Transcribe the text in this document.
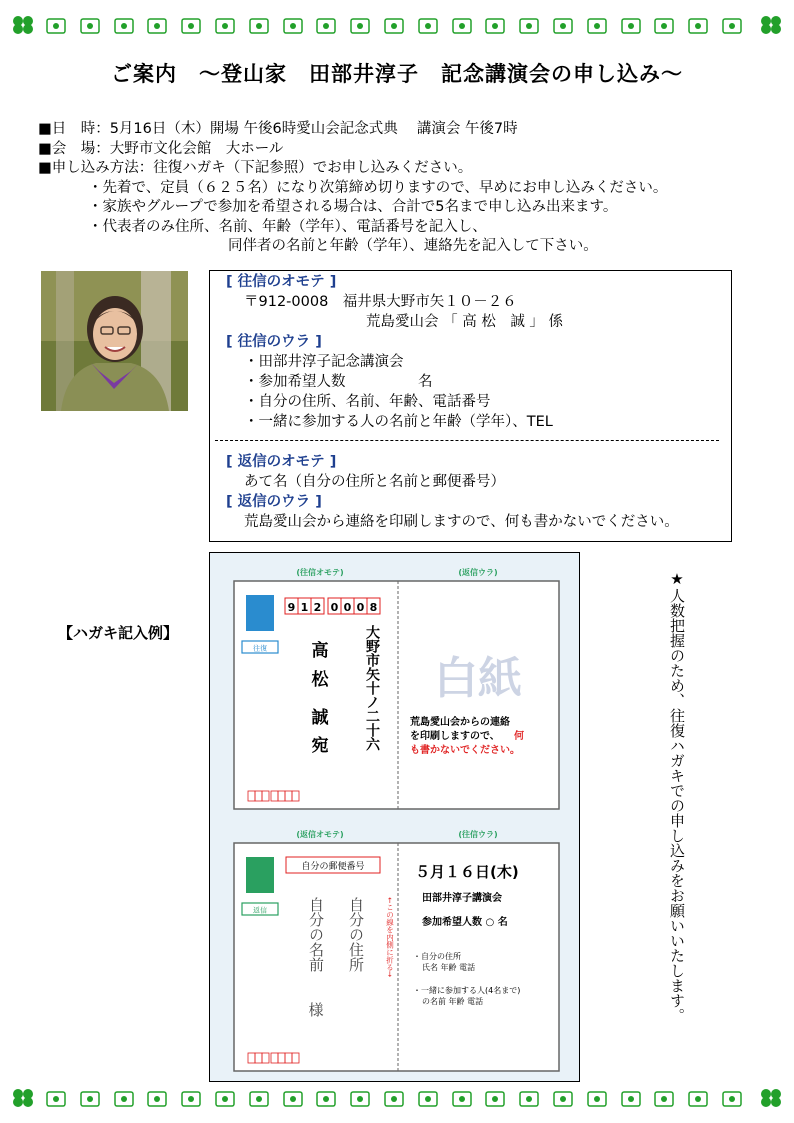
ご案内　～登山家　田部井淳子　記念講演会の申し込み～
■日　時：5月16日（木）開場 午後6時愛山会記念式典　 講演会 午後7時
■会　場：大野市文化会館　大ホール
■申し込み方法：往復ハガキ（下記参照）でお申し込みください。
・先着で、定員（６２５名）になり次第締め切りますので、早めにお申し込みください。
・家族やグループで参加を希望される場合は、合計で5名まで申し込み出来ます。
・代表者のみ住所、名前、年齢（学年）、電話番号を記入し、
同伴者の名前と年齢（学年）、連絡先を記入して下さい。
[ 往信のオモテ ]
〒912-0008　福井県大野市矢１０－２６
荒島愛山会 「 高 松　誠 」 係
[ 往信のウラ ]
・田部井淳子記念講演会
・参加希望人数　　　　　名
・自分の住所、名前、年齢、電話番号
・一緒に参加する人の名前と年齢（学年）、TEL
[ 返信のオモテ ]
あて名（自分の住所と名前と郵便番号）
[ 返信のウラ ]
荒島愛山会から連絡を印刷しますので、何も書かないでください。
【ハガキ記入例】
(往信オモテ)	(返信ウラ)
往復
9 1 2 0 0 0 8
高
松
誠
宛	大野市矢十ノ二十六 白紙
荒島愛山会からの連絡
を印刷しますので、 何
も書かないでください。
(返信オモテ)	(往信ウラ)
返信
自分の郵便番号
自分の住所
自分の名前
様
←この線を内側に折る→
５月１６日(木)
田部井淳子講演会
参加希望人数 ○ 名
・自分の住所
氏名 年齢 電話
・一緒に参加する人(4名まで)
の名前 年齢 電話	★人数把握のため、往復ハガキでの申し込みをお願いいたします。
